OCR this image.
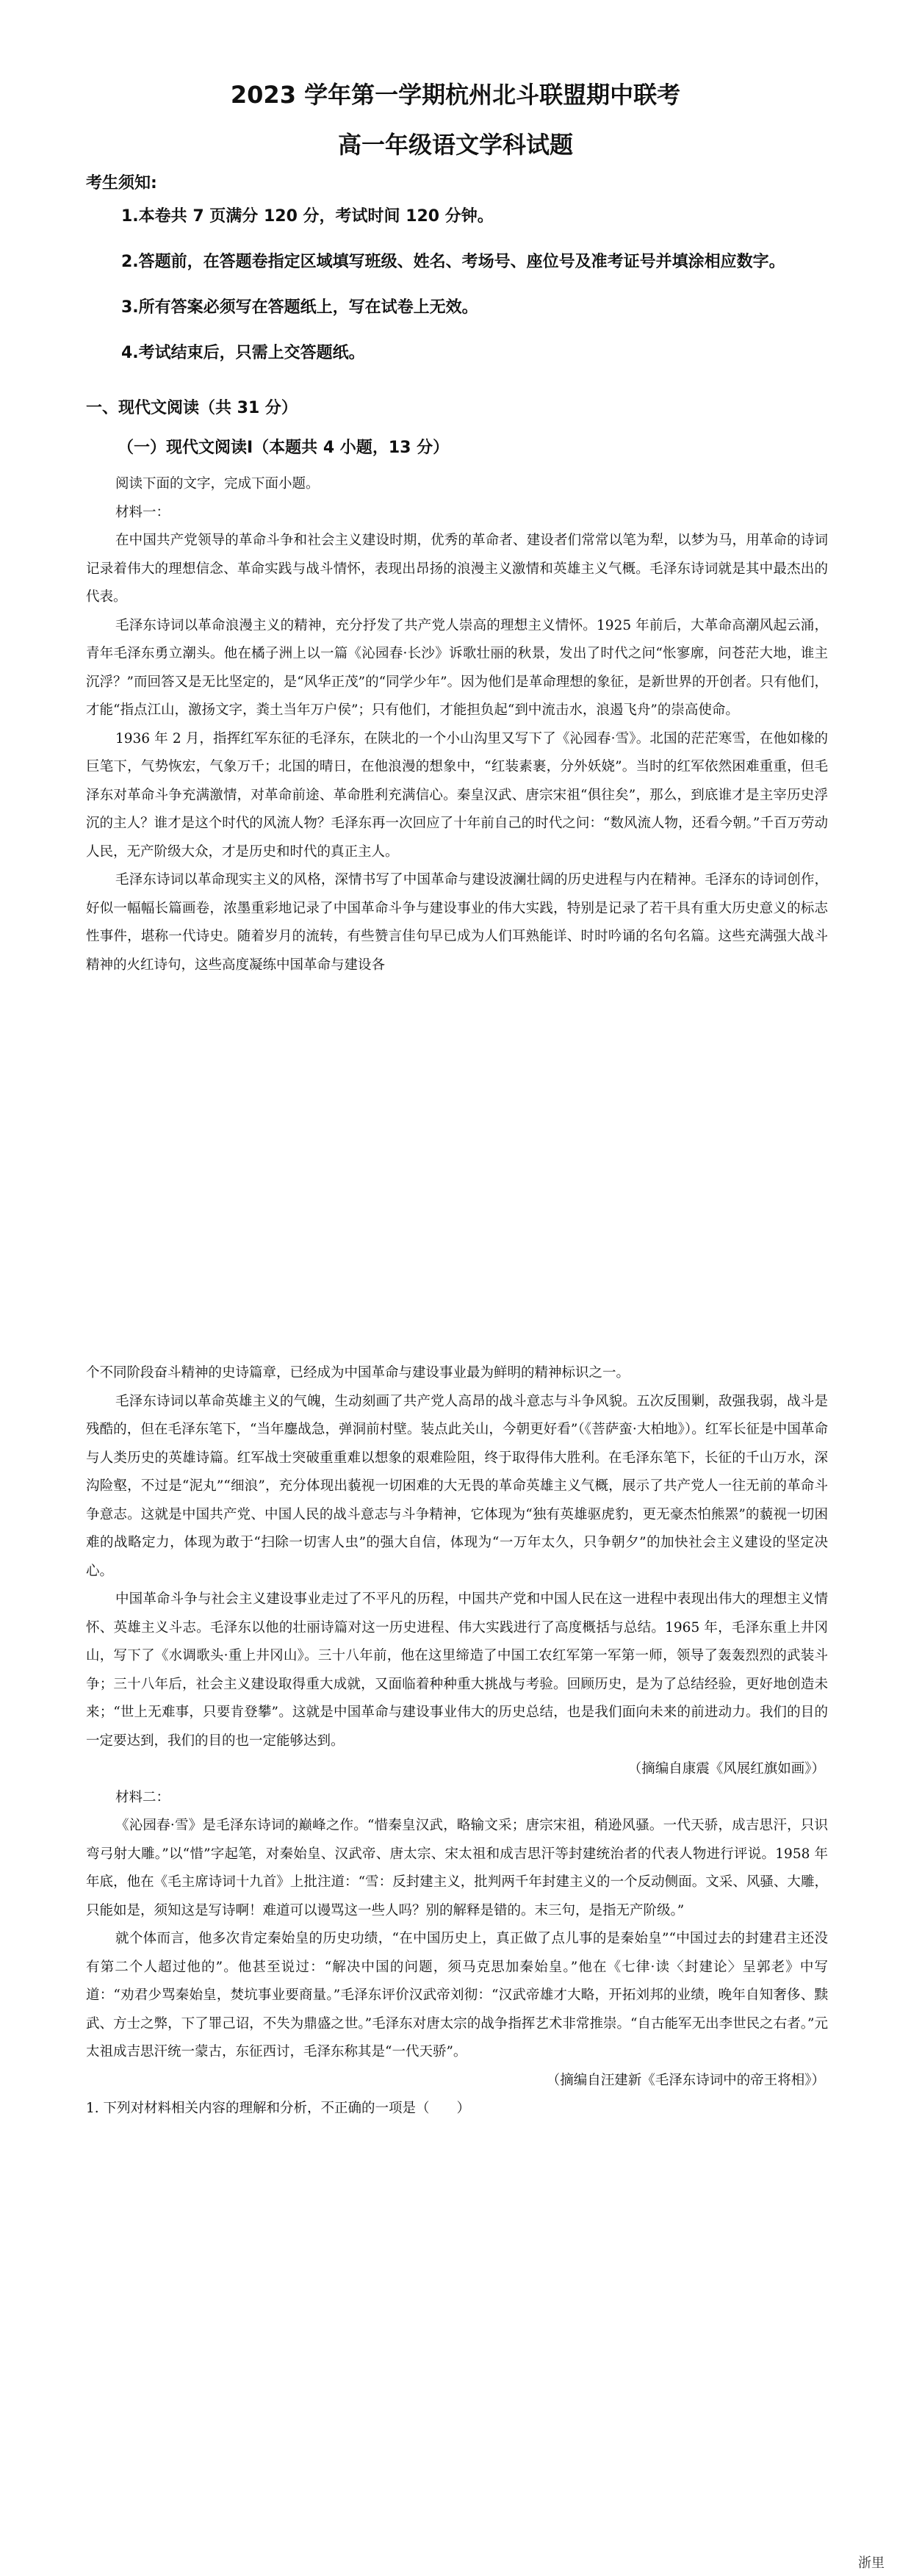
2023 学年第一学期杭州北斗联盟期中联考
高一年级语文学科试题
考生须知:

1.本卷共 7 页满分 120 分，考试时间 120 分钟。

2.答题前，在答题卷指定区域填写班级、姓名、考场号、座位号及准考证号并填涂相应数字。

3.所有答案必须写在答题纸上，写在试卷上无效。

4.考试结束后，只需上交答题纸。

一、现代文阅读（共 31 分）
（一）现代文阅读Ⅰ（本题共 4 小题，13 分）

阅读下面的文字，完成下面小题。

材料一：

在中国共产党领导的革命斗争和社会主义建设时期，优秀的革命者、建设者们常常以笔为犁，以梦为马，用革命的诗词记录着伟大的理想信念、革命实践与战斗情怀，表现出昂扬的浪漫主义激情和英雄主义气概。毛泽东诗词就是其中最杰出的代表。

毛泽东诗词以革命浪漫主义的精神，充分抒发了共产党人崇高的理想主义情怀。1925 年前后，大革命高潮风起云涌，青年毛泽东勇立潮头。他在橘子洲上以一篇《沁园春·长沙》诉歌壮丽的秋景，发出了时代之问“怅寥廓，问苍茫大地，谁主沉浮？”而回答又是无比坚定的，是“风华正茂”的“同学少年”。因为他们是革命理想的象征，是新世界的开创者。只有他们，才能“指点江山，激扬文字，粪土当年万户侯”；只有他们，才能担负起“到中流击水，浪遏飞舟”的崇高使命。

1936 年 2 月，指挥红军东征的毛泽东，在陕北的一个小山沟里又写下了《沁园春·雪》。北国的茫茫寒雪，在他如椽的巨笔下，气势恢宏，气象万千；北国的晴日，在他浪漫的想象中，“红装素裹，分外妖娆”。当时的红军依然困难重重，但毛泽东对革命斗争充满激情，对革命前途、革命胜利充满信心。秦皇汉武、唐宗宋祖“俱往矣”，那么，到底谁才是主宰历史浮沉的主人？谁才是这个时代的风流人物？毛泽东再一次回应了十年前自己的时代之问：“数风流人物，还看今朝。”千百万劳动人民，无产阶级大众，才是历史和时代的真正主人。

毛泽东诗词以革命现实主义的风格，深情书写了中国革命与建设波澜壮阔的历史进程与内在精神。毛泽东的诗词创作，好似一幅幅长篇画卷，浓墨重彩地记录了中国革命斗争与建设事业的伟大实践，特别是记录了若干具有重大历史意义的标志性事件，堪称一代诗史。随着岁月的流转，有些赞言佳句早已成为人们耳熟能详、时时吟诵的名句名篇。这些充满强大战斗精神的火红诗句，这些高度凝练中国革命与建设各

个不同阶段奋斗精神的史诗篇章，已经成为中国革命与建设事业最为鲜明的精神标识之一。

毛泽东诗词以革命英雄主义的气魄，生动刻画了共产党人高昂的战斗意志与斗争风貌。五次反围剿，敌强我弱，战斗是残酷的，但在毛泽东笔下，“当年鏖战急，弹洞前村壁。装点此关山，今朝更好看”（《菩萨蛮·大柏地》）。红军长征是中国革命与人类历史的英雄诗篇。红军战士突破重重难以想象的艰难险阻，终于取得伟大胜利。在毛泽东笔下，长征的千山万水，深沟险壑，不过是“泥丸”“细浪”，充分体现出藐视一切困难的大无畏的革命英雄主义气概，展示了共产党人一往无前的革命斗争意志。这就是中国共产党、中国人民的战斗意志与斗争精神，它体现为“独有英雄驱虎豹，更无豪杰怕熊罴”的藐视一切困难的战略定力，体现为敢于“扫除一切害人虫”的强大自信，体现为“一万年太久，只争朝夕”的加快社会主义建设的坚定决心。

中国革命斗争与社会主义建设事业走过了不平凡的历程，中国共产党和中国人民在这一进程中表现出伟大的理想主义情怀、英雄主义斗志。毛泽东以他的壮丽诗篇对这一历史进程、伟大实践进行了高度概括与总结。1965 年，毛泽东重上井冈山，写下了《水调歌头·重上井冈山》。三十八年前，他在这里缔造了中国工农红军第一军第一师，领导了轰轰烈烈的武装斗争；三十八年后，社会主义建设取得重大成就，又面临着种种重大挑战与考验。回顾历史，是为了总结经验，更好地创造未来；“世上无难事，只要肯登攀”。这就是中国革命与建设事业伟大的历史总结，也是我们面向未来的前进动力。我们的目的一定要达到，我们的目的也一定能够达到。

（摘编自康震《风展红旗如画》）

材料二：

《沁园春·雪》是毛泽东诗词的巅峰之作。“惜秦皇汉武，略输文采；唐宗宋祖，稍逊风骚。一代天骄，成吉思汗，只识弯弓射大雕。”以“惜”字起笔，对秦始皇、汉武帝、唐太宗、宋太祖和成吉思汗等封建统治者的代表人物进行评说。1958 年年底，他在《毛主席诗词十九首》上批注道：“雪：反封建主义，批判两千年封建主义的一个反动侧面。文采、风骚、大雕，只能如是，须知这是写诗啊！难道可以谩骂这一些人吗？别的解释是错的。末三句，是指无产阶级。”

就个体而言，他多次肯定秦始皇的历史功绩，“在中国历史上，真正做了点儿事的是秦始皇”“中国过去的封建君主还没有第二个人超过他的”。他甚至说过：“解决中国的问题，须马克思加秦始皇。”他在《七律·读〈封建论〉呈郭老》中写道：“劝君少骂秦始皇，焚坑事业要商量。”毛泽东评价汉武帝刘彻：“汉武帝雄才大略，开拓刘邦的业绩，晚年自知奢侈、黩武、方士之弊，下了罪己诏，不失为鼎盛之世。”毛泽东对唐太宗的战争指挥艺术非常推崇。“自古能军无出李世民之右者。”元太祖成吉思汗统一蒙古，东征西讨，毛泽东称其是“一代天骄”。

（摘编自汪建新《毛泽东诗词中的帝王将相》）

1. 下列对材料相关内容的理解和分析，不正确的一项是（　　）

浙里
